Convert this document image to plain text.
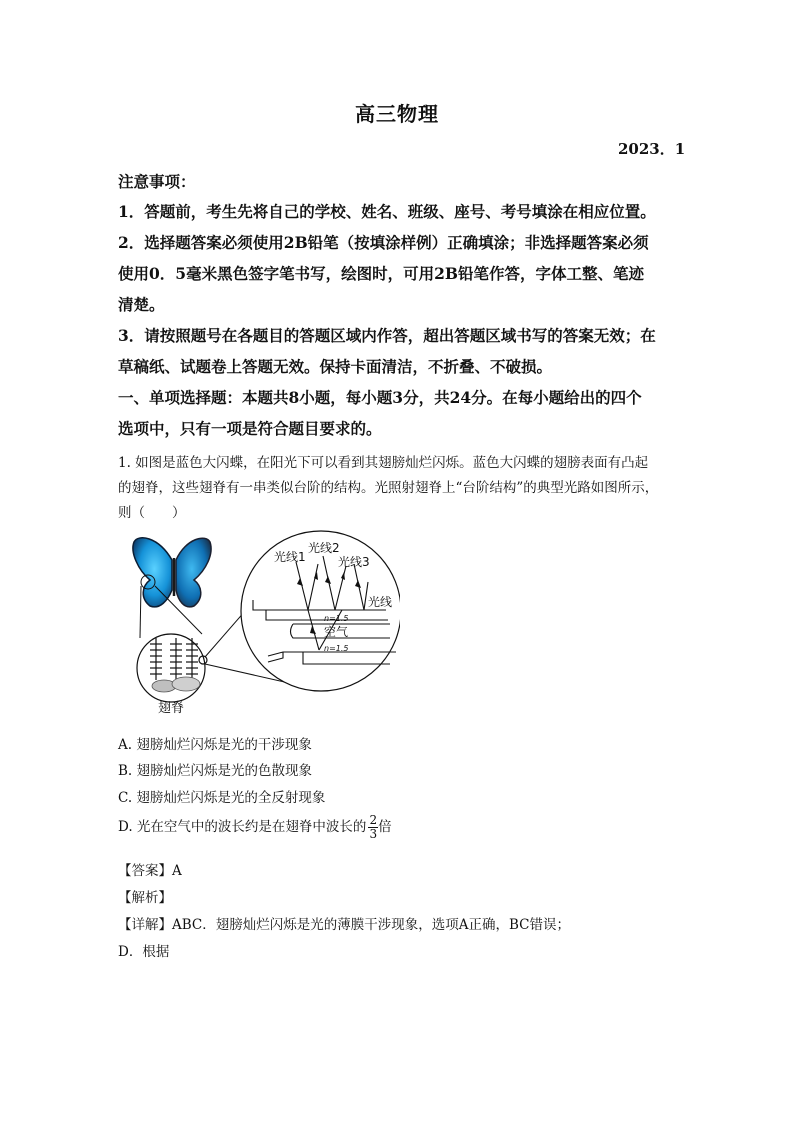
高三物理
2023．1
注意事项：
1．答题前，考生先将自己的学校、姓名、班级、座号、考号填涂在相应位置。
2．选择题答案必须使用2B铅笔（按填涂样例）正确填涂；非选择题答案必须
使用0．5毫米黑色签字笔书写，绘图时，可用2B铅笔作答，字体工整、笔迹
清楚。
3．请按照题号在各题目的答题区域内作答，超出答题区域书写的答案无效；在
草稿纸、试题卷上答题无效。保持卡面清洁，不折叠、不破损。
一、单项选择题：本题共8小题，每小题3分，共24分。在每小题给出的四个
选项中，只有一项是符合题目要求的。
1. 如图是蓝色大闪蝶，在阳光下可以看到其翅膀灿烂闪烁。蓝色大闪蝶的翅膀表面有凸起
的翅脊，这些翅脊有一串类似台阶的结构。光照射翅脊上“台阶结构”的典型光路如图所示，
则（　　）
翅脊
光线1
光线2
光线3
光线
n=1.5
空气
n=1.5
A. 翅膀灿烂闪烁是光的干涉现象
B. 翅膀灿烂闪烁是光的色散现象
C. 翅膀灿烂闪烁是光的全反射现象
D. 光在空气中的波长约是在翅脊中波长的 $\frac{2}{3}$ 倍
【答案】A
【解析】
【详解】ABC．翅膀灿烂闪烁是光的薄膜干涉现象，选项A正确，BC错误；
D．根据
